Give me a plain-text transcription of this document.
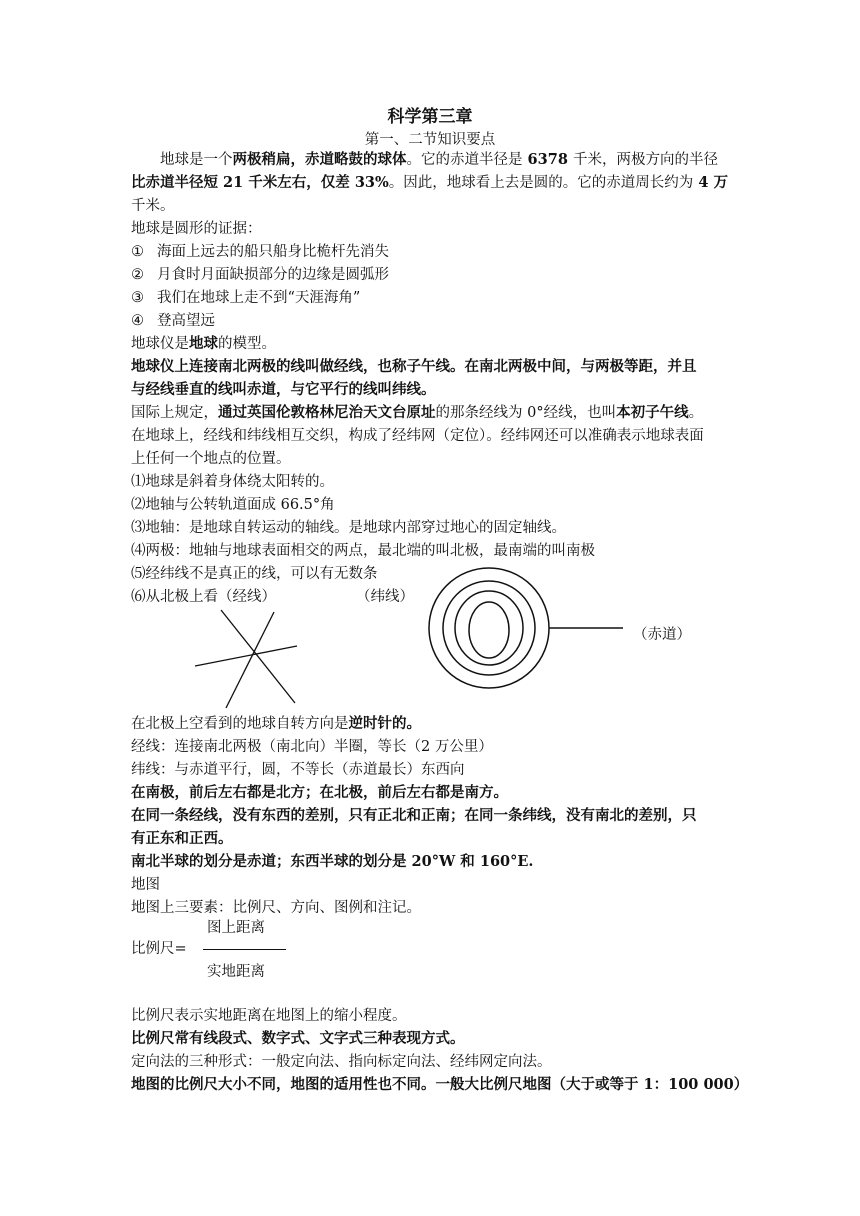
科学第三章
第一、二节知识要点
地球是一个两极稍扁，赤道略鼓的球体。它的赤道半径是 6378 千米，两极方向的半径
比赤道半径短 21 千米左右，仅差 33%。因此，地球看上去是圆的。它的赤道周长约为 4 万
千米。
地球是圆形的证据：
① 海面上远去的船只船身比桅杆先消失
② 月食时月面缺损部分的边缘是圆弧形
③ 我们在地球上走不到“天涯海角”
④ 登高望远
地球仪是地球的模型。
地球仪上连接南北两极的线叫做经线，也称子午线。在南北两极中间，与两极等距，并且
与经线垂直的线叫赤道，与它平行的线叫纬线。
国际上规定，通过英国伦敦格林尼治天文台原址的那条经线为 0°经线，也叫本初子午线。
在地球上，经线和纬线相互交织，构成了经纬网（定位）。经纬网还可以准确表示地球表面
上任何一个地点的位置。
⑴地球是斜着身体绕太阳转的。
⑵地轴与公转轨道面成 66.5°角
⑶地轴：是地球自转运动的轴线。是地球内部穿过地心的固定轴线。
⑷两极：地轴与地球表面相交的两点，最北端的叫北极，最南端的叫南极
⑸经纬线不是真正的线，可以有无数条
⑹从北极上看（经线）	（纬线）
（赤道）
在北极上空看到的地球自转方向是逆时针的。
经线：连接南北两极（南北向）半圈，等长（2 万公里）
纬线：与赤道平行，圆，不等长（赤道最长）东西向
在南极，前后左右都是北方；在北极，前后左右都是南方。
在同一条经线，没有东西的差别，只有正北和正南；在同一条纬线，没有南北的差别，只
有正东和正西。
南北半球的划分是赤道；东西半球的划分是 20°W 和 160°E.
地图
地图上三要素：比例尺、方向、图例和注记。
图上距离
比例尺=
实地距离
比例尺表示实地距离在地图上的缩小程度。
比例尺常有线段式、数字式、文字式三种表现方式。
定向法的三种形式：一般定向法、指向标定向法、经纬网定向法。
地图的比例尺大小不同，地图的适用性也不同。一般大比例尺地图（大于或等于 1：100 000）
